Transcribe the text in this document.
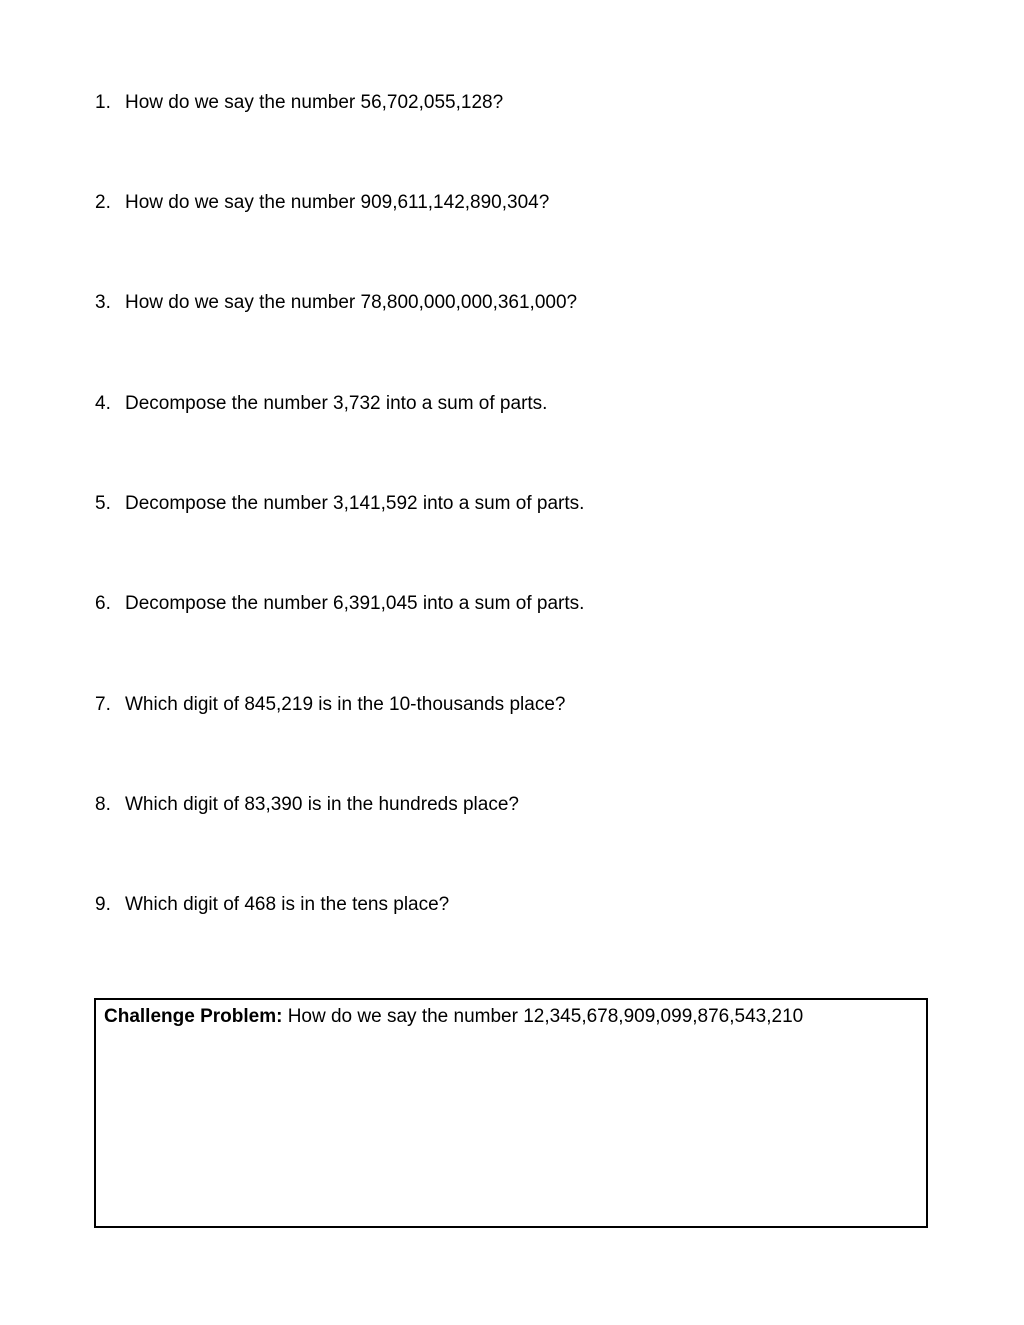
1. How do we say the number 56,702,055,128?
2. How do we say the number 909,611,142,890,304?
3. How do we say the number 78,800,000,000,361,000?
4. Decompose the number 3,732 into a sum of parts.
5. Decompose the number 3,141,592 into a sum of parts.
6. Decompose the number 6,391,045 into a sum of parts.
7. Which digit of 845,219 is in the 10-thousands place?
8. Which digit of 83,390 is in the hundreds place?
9. Which digit of 468 is in the tens place?
Challenge Problem: How do we say the number 12,345,678,909,099,876,543,210
